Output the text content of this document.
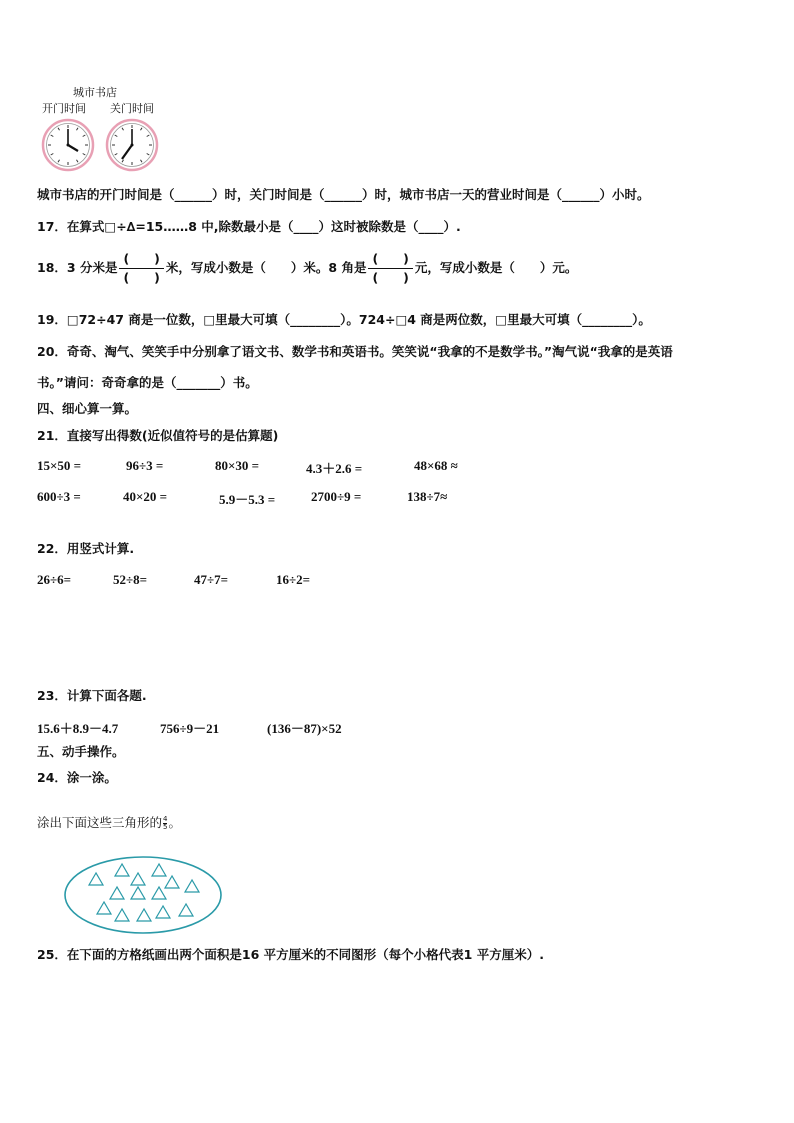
城市书店
开门时间 关门时间
城市书店的开门时间是（______）时，关门时间是（______）时，城市书店一天的营业时间是（______）小时。
17．在算式□÷∆=15……8 中,除数最小是（____）这时被除数是（____）.
18．3 分米是 $\frac{( )}{( )}$ 米，写成小数是（　　）米。8 角是 $\frac{( )}{( )}$ 元，写成小数是（　　）元。
19．□72÷47 商是一位数，□里最大可填（________）。724÷□4 商是两位数，□里最大可填（________）。
20．奇奇、淘气、笑笑手中分别拿了语文书、数学书和英语书。笑笑说“我拿的不是数学书。”淘气说“我拿的是英语
书。”请问：奇奇拿的是（_______）书。
四、细心算一算。
21．直接写出得数(近似值符号的是估算题)
15×50 =	96÷3 =	80×30 =	4.3＋2.6 =	48×68 ≈
600÷3 =	40×20 =	5.9－5.3 =	2700÷9 =	138÷7≈
22．用竖式计算.
26÷6=	52÷8=	47÷7=	16÷2=
23．计算下面各题.
15.6＋8.9－4.7	756÷9－21	(136－87)×52
五、动手操作。
24．涂一涂。
涂出下面这些三角形的 $\frac{4}{5}$ 。
25．在下面的方格纸画出两个面积是16 平方厘米的不同图形（每个小格代表1 平方厘米）.
